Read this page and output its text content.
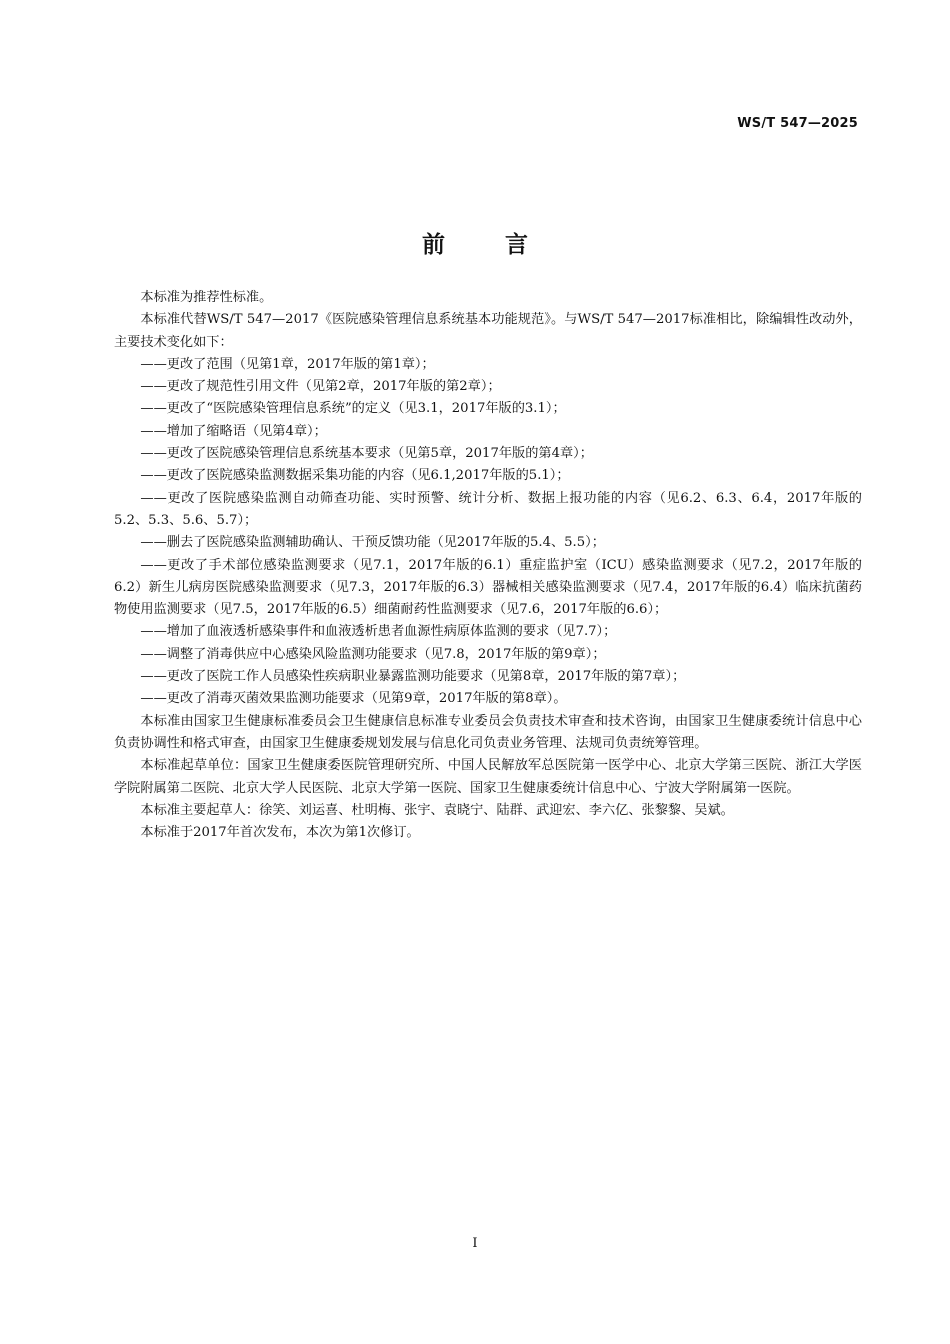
WS/T 547—2025
前言

本标准为推荐性标准。

本标准代替WS/T 547—2017《医院感染管理信息系统基本功能规范》。与WS/T 547—2017标准相比，除编辑性改动外，主要技术变化如下：

——更改了范围（见第1章，2017年版的第1章）；

——更改了规范性引用文件（见第2章，2017年版的第2章）；

——更改了“医院感染管理信息系统”的定义（见3.1，2017年版的3.1）；

——增加了缩略语（见第4章）；

——更改了医院感染管理信息系统基本要求（见第5章，2017年版的第4章）；

——更改了医院感染监测数据采集功能的内容（见6.1,2017年版的5.1）；

——更改了医院感染监测自动筛查功能、实时预警、统计分析、数据上报功能的内容（见6.2、6.3、6.4，2017年版的5.2、5.3、5.6、5.7）；

——删去了医院感染监测辅助确认、干预反馈功能（见2017年版的5.4、5.5）；

——更改了手术部位感染监测要求（见7.1，2017年版的6.1）重症监护室（ICU）感染监测要求（见7.2，2017年版的6.2）新生儿病房医院感染监测要求（见7.3，2017年版的6.3）器械相关感染监测要求（见7.4，2017年版的6.4）临床抗菌药物使用监测要求（见7.5，2017年版的6.5）细菌耐药性监测要求（见7.6，2017年版的6.6）；

——增加了血液透析感染事件和血液透析患者血源性病原体监测的要求（见7.7）；

——调整了消毒供应中心感染风险监测功能要求（见7.8，2017年版的第9章）；

——更改了医院工作人员感染性疾病职业暴露监测功能要求（见第8章，2017年版的第7章）；

——更改了消毒灭菌效果监测功能要求（见第9章，2017年版的第8章）。

本标准由国家卫生健康标准委员会卫生健康信息标准专业委员会负责技术审查和技术咨询，由国家卫生健康委统计信息中心负责协调性和格式审查，由国家卫生健康委规划发展与信息化司负责业务管理、法规司负责统筹管理。

本标准起草单位：国家卫生健康委医院管理研究所、中国人民解放军总医院第一医学中心、北京大学第三医院、浙江大学医学院附属第二医院、北京大学人民医院、北京大学第一医院、国家卫生健康委统计信息中心、宁波大学附属第一医院。

本标准主要起草人：徐笑、刘运喜、杜明梅、张宇、袁晓宁、陆群、武迎宏、李六亿、张黎黎、吴斌。

本标准于2017年首次发布，本次为第1次修订。

I
